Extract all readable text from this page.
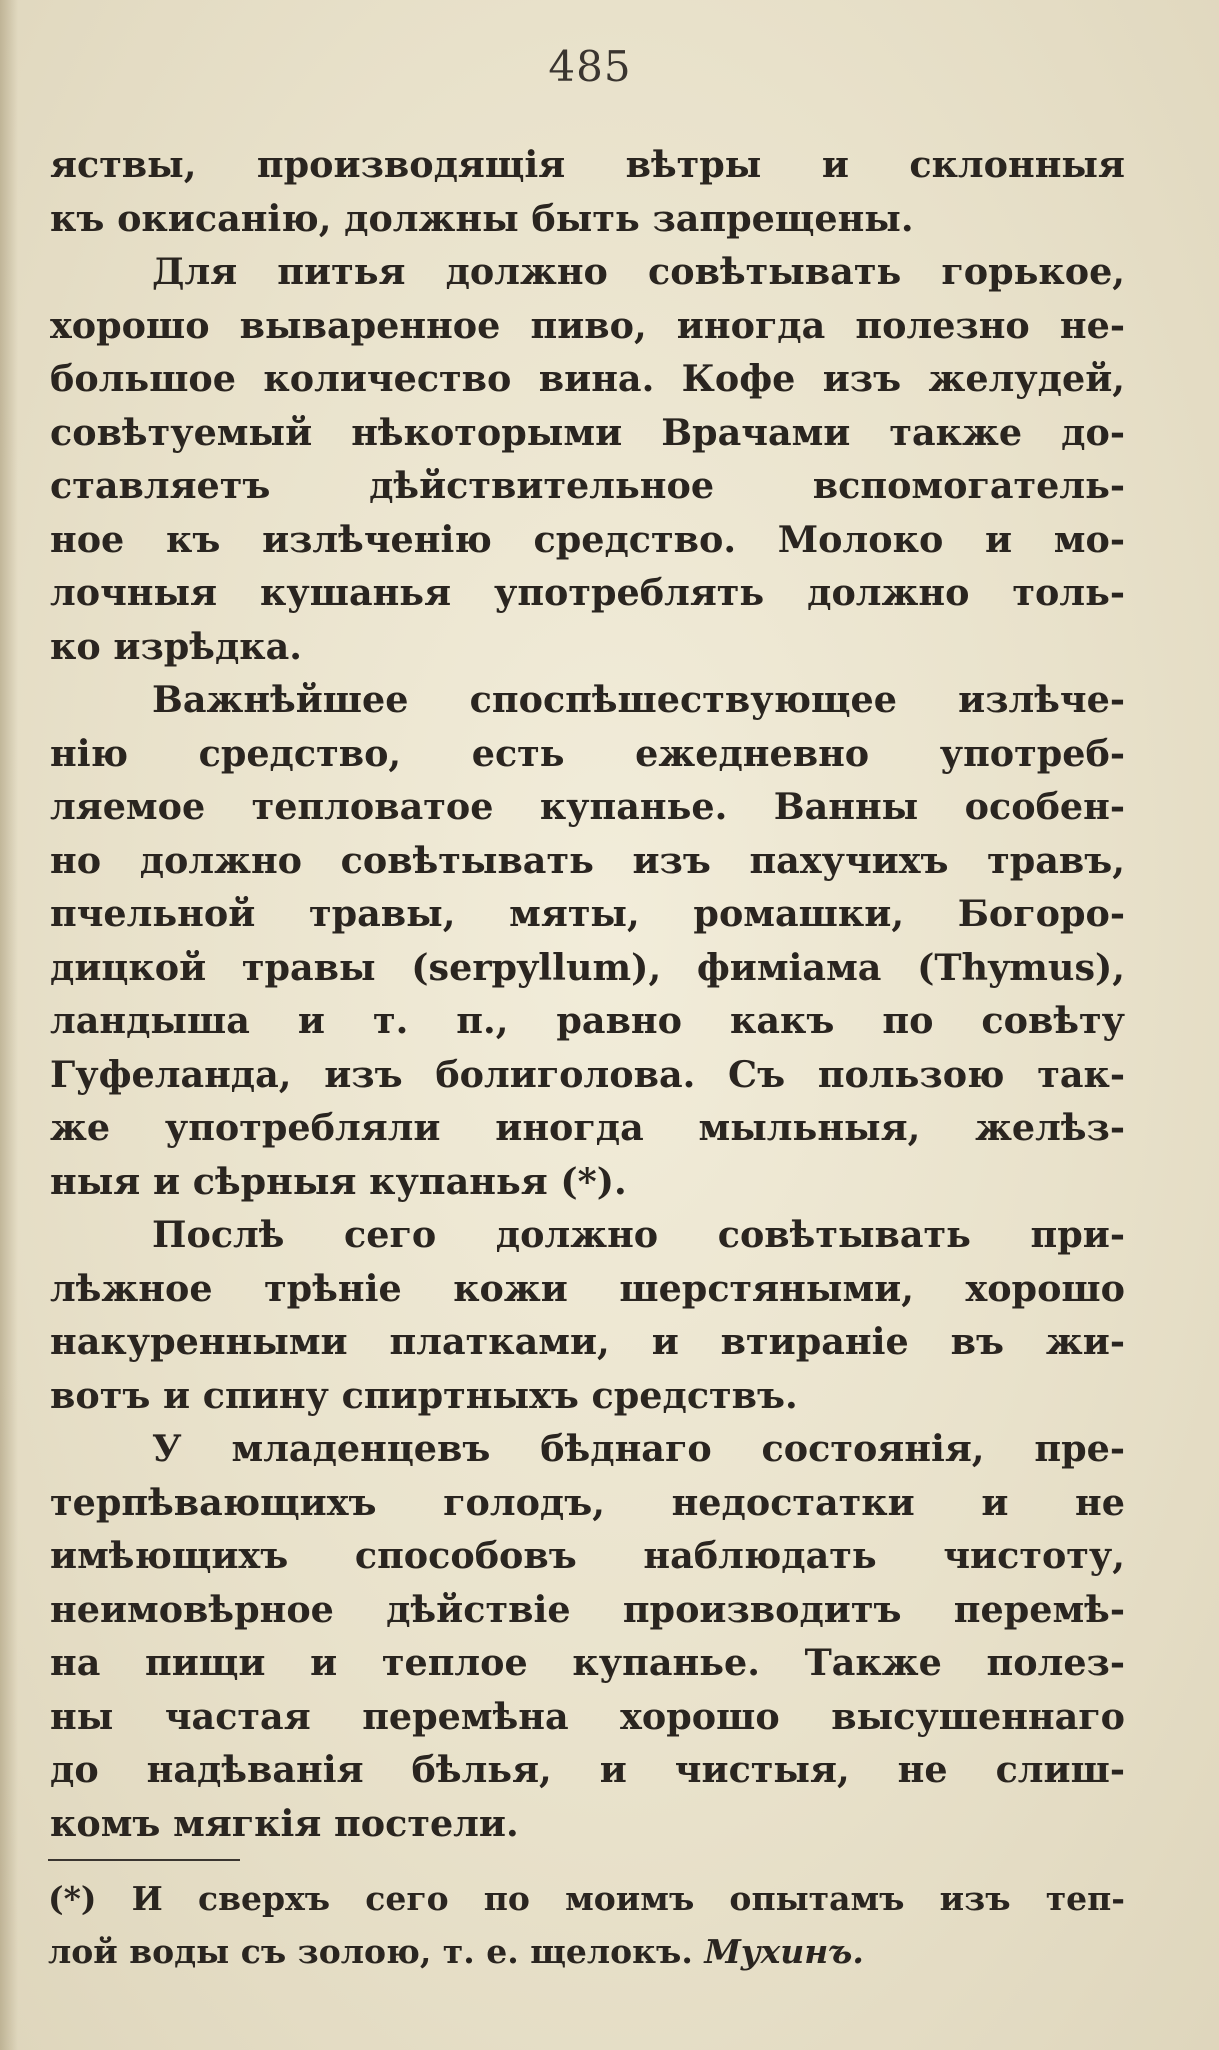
485
яствы, производящія вѣтры и склонныя
къ окисанію, должны быть запрещены.
Для питья должно совѣтывать горькое,
хорошо вываренное пиво, иногда полезно не-
большое количество вина. Кофе изъ желудей,
совѣтуемый нѣкоторыми Врачами также до-
ставляетъ дѣйствительное вспомогатель-
ное къ излѣченію средство. Молоко и мо-
лочныя кушанья употреблять должно толь-
ко изрѣдка.
Важнѣйшее споспѣшествующее излѣче-
нію средство, есть ежедневно употреб-
ляемое тепловатое купанье. Ванны особен-
но должно совѣтывать изъ пахучихъ травъ,
пчельной травы, мяты, ромашки, Богоро-
дицкой травы (serpyllum), фиміама (Thymus),
ландыша и т. п., равно какъ по совѣту
Гуфеланда, изъ болиголова. Съ пользою так-
же употребляли иногда мыльныя, желѣз-
ныя и сѣрныя купанья (*).
Послѣ сего должно совѣтывать при-
лѣжное трѣніе кожи шерстяными, хорошо
накуренными платками, и втираніе въ жи-
вотъ и спину спиртныхъ средствъ.
У младенцевъ бѣднаго состоянія, пре-
терпѣвающихъ голодъ, недостатки и не
имѣющихъ способовъ наблюдать чистоту,
неимовѣрное дѣйствіе производитъ перемѣ-
на пищи и теплое купанье. Также полез-
ны частая перемѣна хорошо высушеннаго
до надѣванія бѣлья, и чистыя, не слиш-
комъ мягкія постели.
(*) И сверхъ сего по моимъ опытамъ изъ теп-
лой воды съ золою, т. е. щелокъ. Мухинъ.
